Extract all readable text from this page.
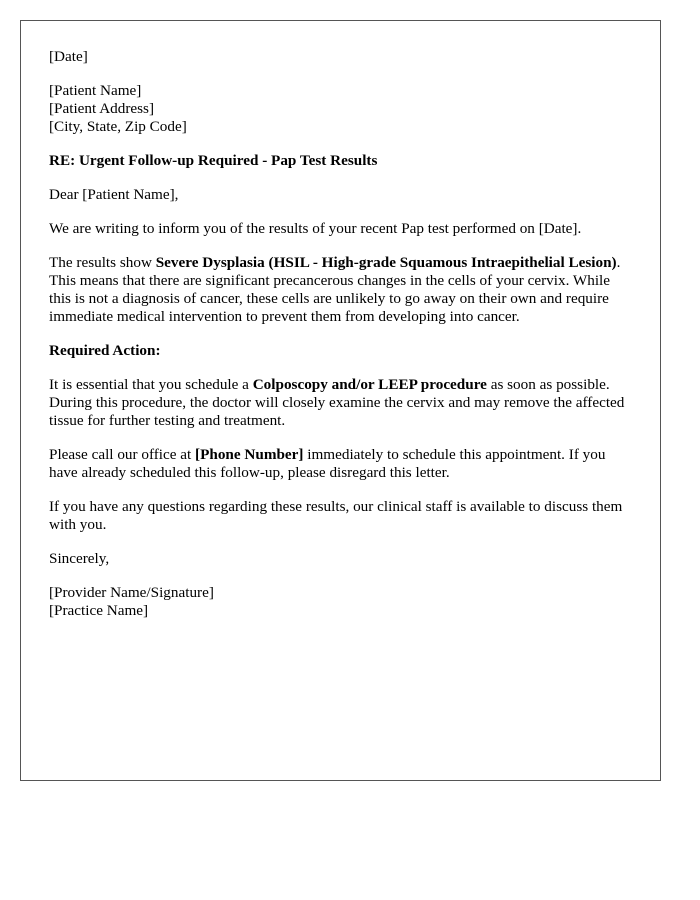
[Date]

[Patient Name]

[Patient Address]

[City, State, Zip Code]

RE: Urgent Follow-up Required - Pap Test Results

Dear [Patient Name],

We are writing to inform you of the results of your recent Pap test performed on [Date].

The results show Severe Dysplasia (HSIL - High-grade Squamous Intraepithelial Lesion). This means that there are significant precancerous changes in the cells of your cervix. While this is not a diagnosis of cancer, these cells are unlikely to go away on their own and require immediate medical intervention to prevent them from developing into cancer.

Required Action:

It is essential that you schedule a Colposcopy and/or LEEP procedure as soon as possible. During this procedure, the doctor will closely examine the cervix and may remove the affected tissue for further testing and treatment.

Please call our office at [Phone Number] immediately to schedule this appointment. If you have already scheduled this follow-up, please disregard this letter.

If you have any questions regarding these results, our clinical staff is available to discuss them with you.

Sincerely,

[Provider Name/Signature]

[Practice Name]
